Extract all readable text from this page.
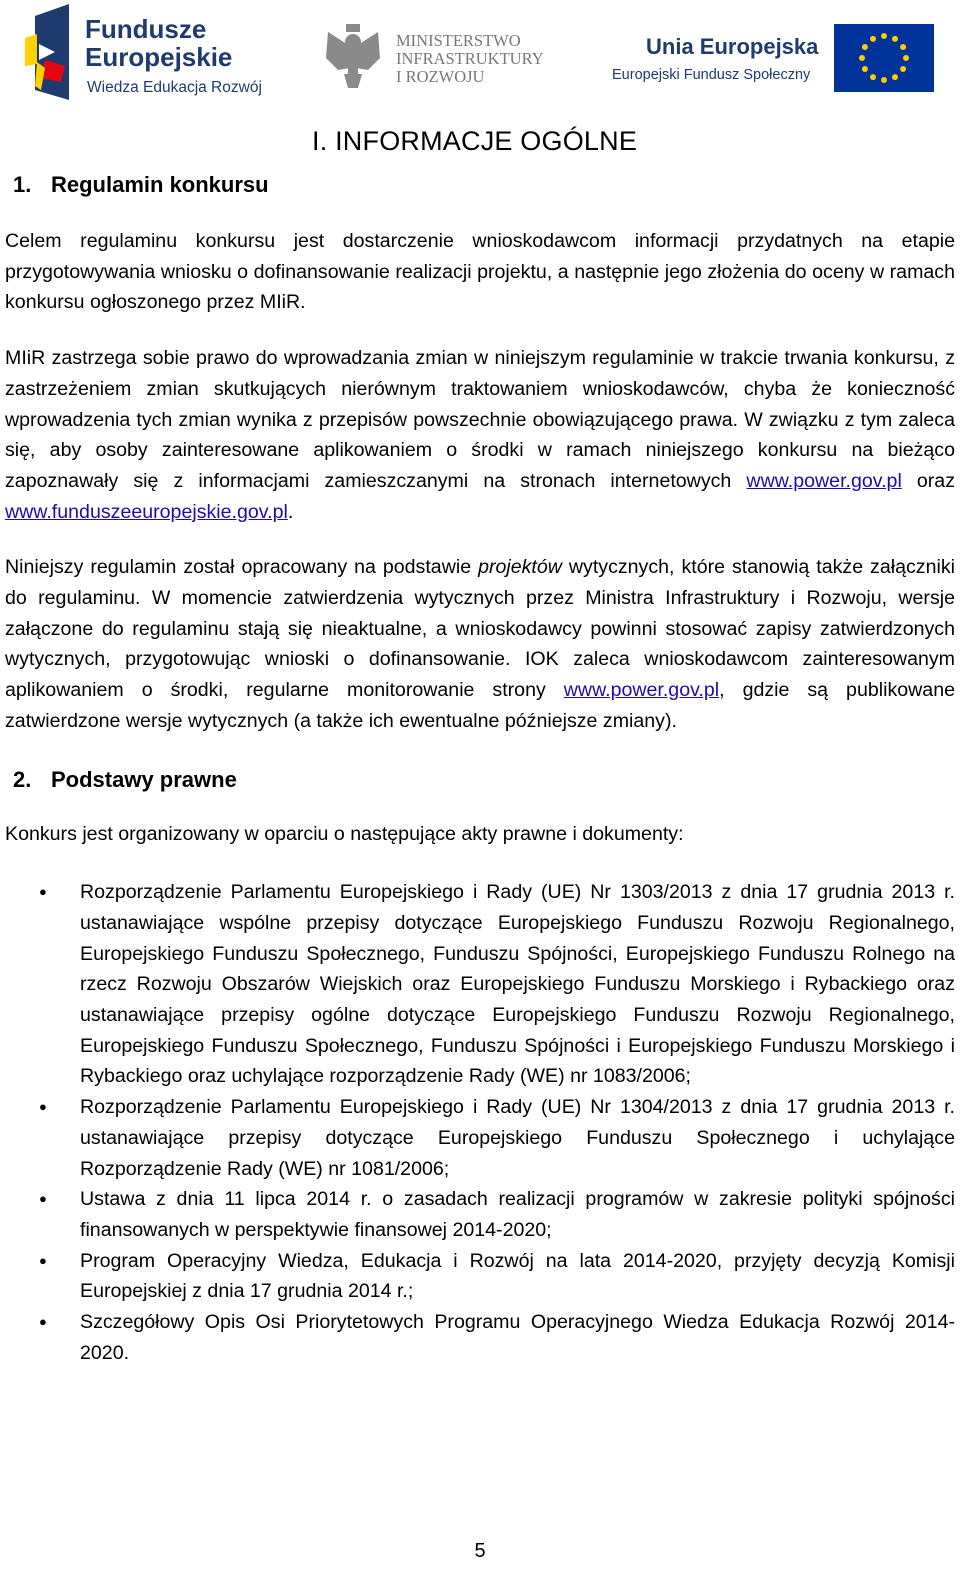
Fundusze
Europejskie
Wiedza Edukacja Rozwój
MINISTERSTWO
INFRASTRUKTURY
I ROZWOJU
Unia Europejska
Europejski Fundusz Społeczny
I. INFORMACJE OGÓLNE
1. Regulamin konkursu

Celem regulaminu konkursu jest dostarczenie wnioskodawcom informacji przydatnych na etapie przygotowywania wniosku o dofinansowanie realizacji projektu, a następnie jego złożenia do oceny w ramach konkursu ogłoszonego przez MIiR.

MIiR zastrzega sobie prawo do wprowadzania zmian w niniejszym regulaminie w trakcie trwania konkursu, z zastrzeżeniem zmian skutkujących nierównym traktowaniem wnioskodawców, chyba że konieczność wprowadzenia tych zmian wynika z przepisów powszechnie obowiązującego prawa. W związku z tym zaleca się, aby osoby zainteresowane aplikowaniem o środki w ramach niniejszego konkursu na bieżąco zapoznawały się z informacjami zamieszczanymi na stronach internetowych www.power.gov.pl oraz www.funduszeeuropejskie.gov.pl.

Niniejszy regulamin został opracowany na podstawie projektów wytycznych, które stanowią także załączniki do regulaminu. W momencie zatwierdzenia wytycznych przez Ministra Infrastruktury i Rozwoju, wersje załączone do regulaminu stają się nieaktualne, a wnioskodawcy powinni stosować zapisy zatwierdzonych wytycznych, przygotowując wnioski o dofinansowanie. IOK zaleca wnioskodawcom zainteresowanym aplikowaniem o środki, regularne monitorowanie strony www.power.gov.pl, gdzie są publikowane zatwierdzone wersje wytycznych (a także ich ewentualne późniejsze zmiany).

2. Podstawy prawne

Konkurs jest organizowany w oparciu o następujące akty prawne i dokumenty:

● Rozporządzenie Parlamentu Europejskiego i Rady (UE) Nr 1303/2013 z dnia 17 grudnia 2013 r. ustanawiające wspólne przepisy dotyczące Europejskiego Funduszu Rozwoju Regionalnego, Europejskiego Funduszu Społecznego, Funduszu Spójności, Europejskiego Funduszu Rolnego na rzecz Rozwoju Obszarów Wiejskich oraz Europejskiego Funduszu Morskiego i Rybackiego oraz ustanawiające przepisy ogólne dotyczące Europejskiego Funduszu Rozwoju Regionalnego, Europejskiego Funduszu Społecznego, Funduszu Spójności i Europejskiego Funduszu Morskiego i Rybackiego oraz uchylające rozporządzenie Rady (WE) nr 1083/2006;
● Rozporządzenie Parlamentu Europejskiego i Rady (UE) Nr 1304/2013 z dnia 17 grudnia 2013 r. ustanawiające przepisy dotyczące Europejskiego Funduszu Społecznego i uchylające Rozporządzenie Rady (WE) nr 1081/2006;
● Ustawa z dnia 11 lipca 2014 r. o zasadach realizacji programów w zakresie polityki spójności finansowanych w perspektywie finansowej 2014-2020;
● Program Operacyjny Wiedza, Edukacja i Rozwój na lata 2014-2020, przyjęty decyzją Komisji Europejskiej z dnia 17 grudnia 2014 r.;
● Szczegółowy Opis Osi Priorytetowych Programu Operacyjnego Wiedza Edukacja Rozwój 2014-2020.
5
